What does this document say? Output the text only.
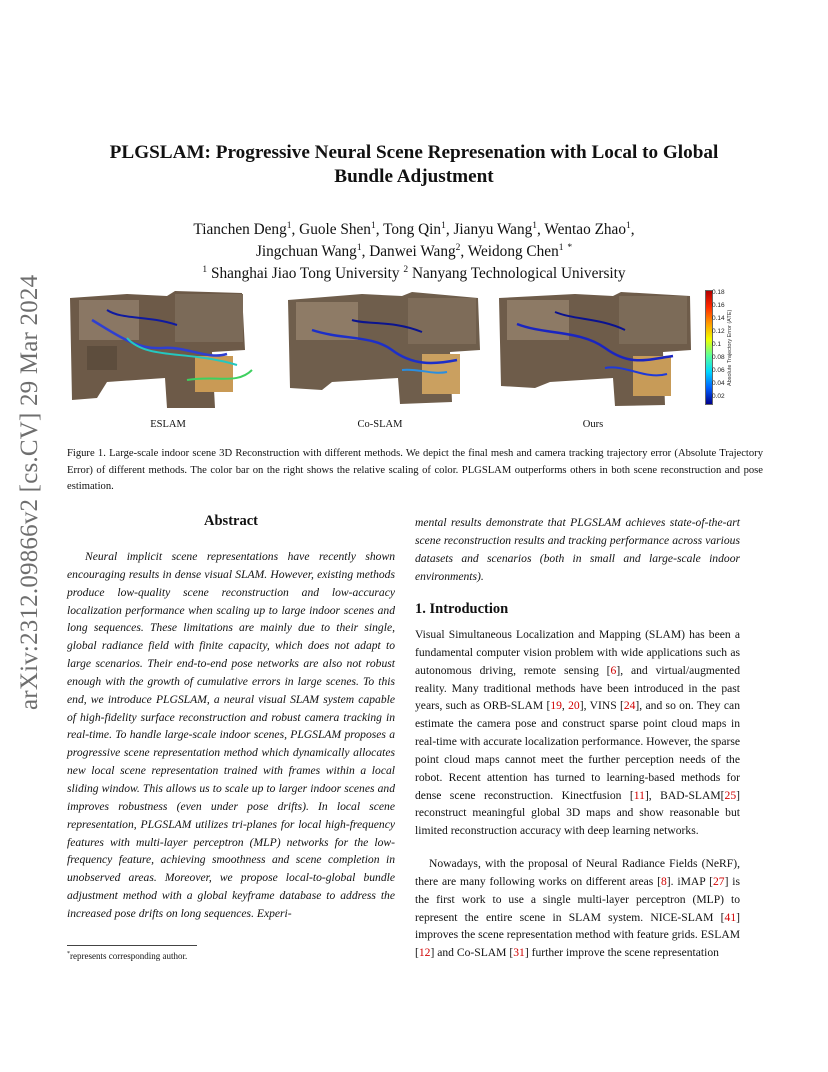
arXiv:2312.09866v2 [cs.CV] 29 Mar 2024
PLGSLAM: Progressive Neural Scene Represenation with Local to Global
Bundle Adjustment
Tianchen Deng$^1$, Guole Shen$^1$, Tong Qin$^1$, Jianyu Wang$^1$, Wentao Zhao$^1$,
Jingchuan Wang$^1$, Danwei Wang$^2$, Weidong Chen$^1$ *
$^1$ Shanghai Jiao Tong University $^2$ Nanyang Technological University
ESLAM	Co-SLAM	Ours
0.18
0.16
0.14
0.12
0.1
0.08
0.06
0.04
0.02
Absolute Trajectory Error (ATE)
Figure 1. Large-scale indoor scene 3D Reconstruction with different methods. We depict the final mesh and camera tracking trajectory error (Absolute Trajectory Error) of different methods. The color bar on the right shows the relative scaling of color. PLGSLAM outperforms others in both scene reconstruction and pose estimation.
Abstract
Neural implicit scene representations have recently shown encouraging results in dense visual SLAM. However, existing methods produce low-quality scene reconstruction and low-accuracy localization performance when scaling up to large indoor scenes and long sequences. These limitations are mainly due to their single, global radiance field with finite capacity, which does not adapt to large scenarios. Their end-to-end pose networks are also not robust enough with the growth of cumulative errors in large scenes. To this end, we introduce PLGSLAM, a neural visual SLAM system capable of high-fidelity surface reconstruction and robust camera tracking in real-time. To handle large-scale indoor scenes, PLGSLAM proposes a progressive scene representation method which dynamically allocates new local scene representation trained with frames within a local sliding window. This allows us to scale up to larger indoor scenes and improves robustness (even under pose drifts). In local scene representation, PLGSLAM utilizes tri-planes for local high-frequency features with multi-layer perceptron (MLP) networks for the low-frequency feature, achieving smoothness and scene completion in unobserved areas. Moreover, we propose local-to-global bundle adjustment method with a global keyframe database to address the increased pose drifts on long sequences. Experi-
*represents corresponding author.
mental results demonstrate that PLGSLAM achieves state-of-the-art scene reconstruction results and tracking performance across various datasets and scenarios (both in small and large-scale indoor environments).
1. Introduction
Visual Simultaneous Localization and Mapping (SLAM) has been a fundamental computer vision problem with wide applications such as autonomous driving, remote sensing [6], and virtual/augmented reality. Many traditional methods have been introduced in the past years, such as ORB-SLAM [19, 20], VINS [24], and so on. They can estimate the camera pose and construct sparse point cloud maps in real-time with accurate localization performance. However, the sparse point cloud maps cannot meet the further perception needs of the robot. Recent attention has turned to learning-based methods for dense scene reconstruction. Kinectfusion [11], BAD-SLAM[25] reconstruct meaningful global 3D maps and show reasonable but limited reconstruction accuracy with deep learning networks.
Nowadays, with the proposal of Neural Radiance Fields (NeRF), there are many following works on different areas [8]. iMAP [27] is the first work to use a single multi-layer perceptron (MLP) to represent the entire scene in SLAM system. NICE-SLAM [41] improves the scene representation method with feature grids. ESLAM [12] and Co-SLAM [31] further improve the scene representation
